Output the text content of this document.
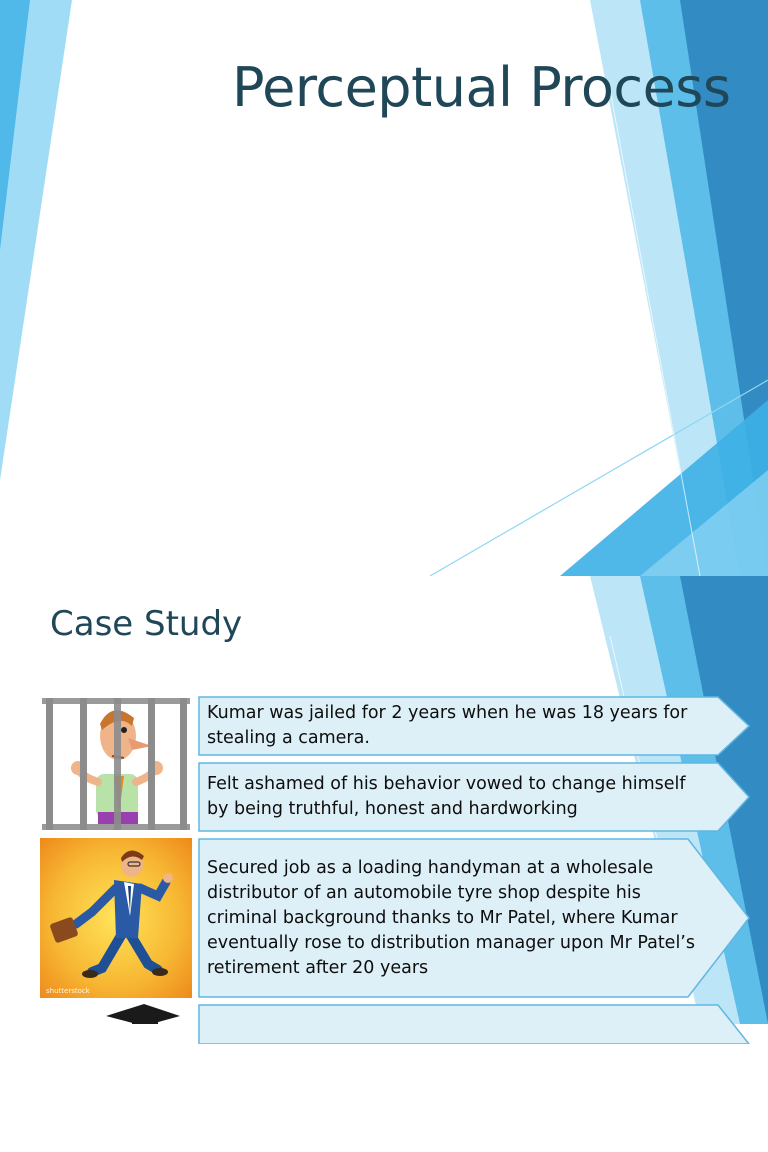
Perceptual Process
Case Study
shutterstock
Kumar was jailed for 2 years when he was 18 years for stealing a camera.
Felt ashamed of his behavior vowed to change himself by being truthful, honest and hardworking
Secured job as a loading handyman at a wholesale distributor of an automobile tyre shop despite his criminal background thanks to Mr Patel, where Kumar eventually rose to distribution manager upon Mr Patel’s retirement after 20 years
